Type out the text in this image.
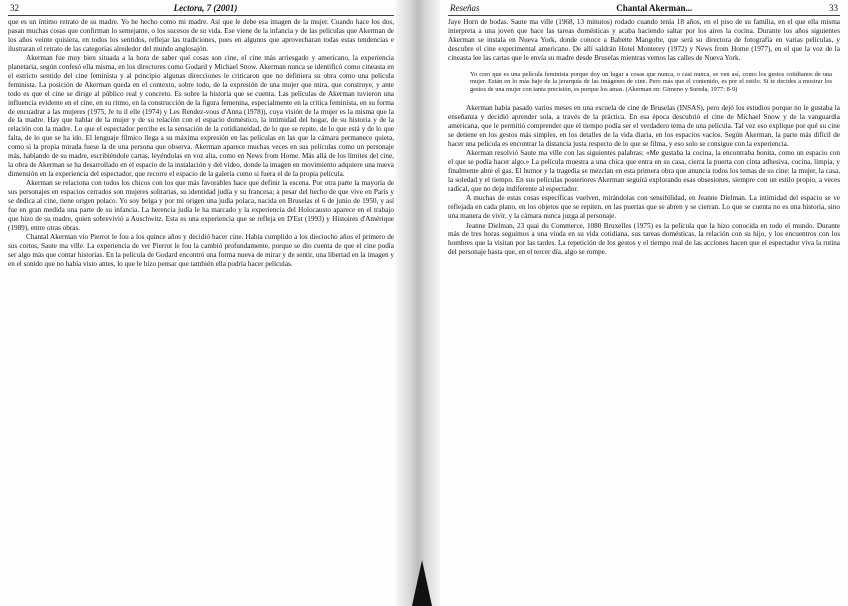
32	Lectora, 7 (2001)

que es un íntimo retrato de su madre. Yo he hecho como mi madre. Así que le debe esa imagen de la mujer. Cuando hace los dos, pasan muchas cosas que confirman lo semejante, o los sucesos de su vida. Ese viene de la infancia y de las películas que Akerman de los años veinte quisiera, en todos los sentidos, reflejar las tradiciones, pues en algunos que aprovecharan todas estas tendencias e ilustraran el retrato de las categorías alrededor del mundo anglosajón.

Akerman fue muy bien situada a la hora de saber qué cosas son cine, el cine más arriesgado y americano, la experiencia planetaria, según confesó ella misma, en los directores como Godard y Michael Snow. Akerman nunca se identificó como cineasta en el estricto sentido del cine feminista y al principio algunas direcciones le criticaron que no definiera su obra como una película feminista. La posición de Akerman queda en el contexto, sobre todo, de la expresión de una mujer que mira, que construye, y ante todo es que el cine se dirige al público real y concreto. Es sobre la historia que se cuenta. Las películas de Akerman tuvieron una influencia evidente en el cine, en su ritmo, en la construcción de la figura femenina, especialmente en la crítica feminista, en su forma de encuadrar a las mujeres (1975, Je tu il elle (1974) y Les Rendez-vous d'Anna (1978)), cuya visión de la mujer es la misma que la de la madre. Hay que hablar de la mujer y de su relación con el espacio doméstico, la intimidad del hogar, de su historia y de la relación con la madre. Lo que el espectador percibe es la sensación de la cotidianeidad, de lo que se repite, de lo que está y de lo que falta, de lo que se ha ido. El lenguaje fílmico llega a su máxima expresión en las películas en las que la cámara permanece quieta, como si la propia mirada fuese la de una persona que observa. Akerman aparece muchas veces en sus películas como un personaje más, hablando de su madre, escribiéndole cartas, leyéndolas en voz alta, como en News from Home. Más allá de los límites del cine, la obra de Akerman se ha desarrollado en el espacio de la instalación y del vídeo, donde la imagen en movimiento adquiere una nueva dimensión en la experiencia del espectador, que recorre el espacio de la galería como si fuera el de la propia película.

Akerman se relaciona con todos los chicos con los que más favorables hace que definir la escena. Por otra parte la mayoría de sus personajes en espacios cerrados son mujeres solitarias, su identidad judía y su francesa; a pesar del hecho de que vive en París y se dedica al cine, tiene origen polaco. Yo soy belga y por mi origen una judía polaca, nacida en Bruselas el 6 de junio de 1950, y así fue en gran medida una parte de su infancia. La herencia judía le ha marcado y la experiencia del Holocausto aparece en el trabajo que hizo de su madre, quien sobrevivió a Auschwitz. Esta es una experiencia que se refleja en D'Est (1993) y Histoires d'Amérique (1989), entre otras obras.

Chantal Akerman vio Pierrot le fou a los quince años y decidió hacer cine. Había cumplido a los dieciocho años el primero de sus cortos, Saute ma ville. La experiencia de ver Pierrot le fou la cambió profundamente, porque se dio cuenta de que el cine podía ser algo más que contar historias. En la película de Godard encontró una forma nueva de mirar y de sentir, una libertad en la imagen y en el sonido que no había visto antes, lo que le hizo pensar que también ella podría hacer películas.

Reseñas	Chantal Akerman...	33

Jaye Horn de bodas. Saute ma ville (1968, 13 minutos) rodado cuando tenía 18 años, en el piso de su familia, en el que ella misma interpreta a una joven que hace las tareas domésticas y acaba haciendo saltar por los aires la cocina. Durante los años siguientes Akerman se instala en Nueva York, donde conoce a Babette Mangolte, que será su directora de fotografía en varias películas, y descubre el cine experimental americano. De allí saldrán Hotel Monterey (1972) y News from Home (1977), en el que la voz de la cineasta lee las cartas que le envía su madre desde Bruselas mientras vemos las calles de Nueva York.

Yo creo que es una película feminista porque doy un lugar a cosas que nunca, o casi nunca, se ven así, como los gestos cotidianos de una mujer. Están en lo más bajo de la jerarquía de las imágenes de cine. Pero más que el contenido, es por el estilo. Si te decides a mostrar los gestos de una mujer con tanta precisión, es porque los amas. (Akerman en: Gimeno y Sureda, 1977: 8-9)

Akerman había pasado varios meses en una escuela de cine de Bruselas (INSAS), pero dejó los estudios porque no le gustaba la enseñanza y decidió aprender sola, a través de la práctica. En esa época descubrió el cine de Michael Snow y de la vanguardia americana, que le permitió comprender que el tiempo podía ser el verdadero tema de una película. Tal vez eso explique por qué su cine se detiene en los gestos más simples, en los detalles de la vida diaria, en los espacios vacíos. Según Akerman, la parte más difícil de hacer una película es encontrar la distancia justa respecto de lo que se filma, y eso solo se consigue con la experiencia.

Akerman resolvió Saute ma ville con las siguientes palabras: «Me gustaba la cocina, la encontraba bonita, como un espacio con el que se podía hacer algo.» La película muestra a una chica que entra en su casa, cierra la puerta con cinta adhesiva, cocina, limpia, y finalmente abre el gas. El humor y la tragedia se mezclan en esta primera obra que anuncia todos los temas de su cine: la mujer, la casa, la soledad y el tiempo. En sus películas posteriores Akerman seguirá explorando esas obsesiones, siempre con un estilo propio, a veces radical, que no deja indiferente al espectador.

A muchas de estas cosas específicas vuelven, mirándolas con sensibilidad, en Jeanne Dielman. La intimidad del espacio se ve reflejada en cada plano, en los objetos que se repiten, en las puertas que se abren y se cierran. Lo que se cuenta no es una historia, sino una manera de vivir, y la cámara nunca juzga al personaje.

Jeanne Dielman, 23 quai du Commerce, 1080 Bruxelles (1975) es la película que la hizo conocida en todo el mundo. Durante más de tres horas seguimos a una viuda en su vida cotidiana, sus tareas domésticas, la relación con su hijo, y los encuentros con los hombres que la visitan por las tardes. La repetición de los gestos y el tiempo real de las acciones hacen que el espectador viva la rutina del personaje hasta que, en el tercer día, algo se rompe.
